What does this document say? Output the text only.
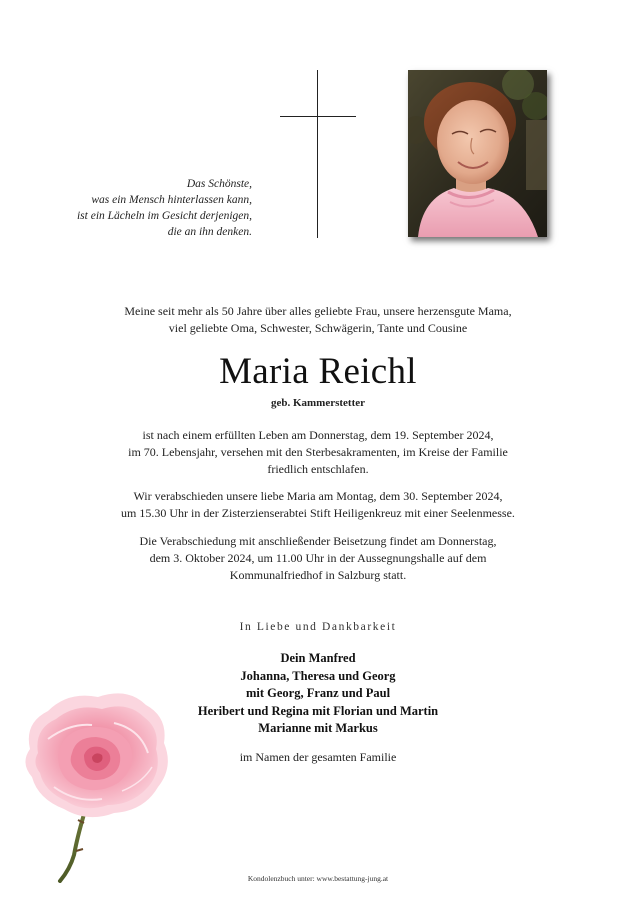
Das Schönste,
was ein Mensch hinterlassen kann,
ist ein Lächeln im Gesicht derjenigen,
die an ihn denken.
Meine seit mehr als 50 Jahre über alles geliebte Frau, unsere herzensgute Mama,
viel geliebte Oma, Schwester, Schwägerin, Tante und Cousine
Maria Reichl
geb. Kammerstetter
ist nach einem erfüllten Leben am Donnerstag, dem 19. September 2024,
im 70. Lebensjahr, versehen mit den Sterbesakramenten, im Kreise der Familie
friedlich entschlafen.
Wir verabschieden unsere liebe Maria am Montag, dem 30. September 2024,
um 15.30 Uhr in der Zisterzienserabtei Stift Heiligenkreuz mit einer Seelenmesse.
Die Verabschiedung mit anschließender Beisetzung findet am Donnerstag,
dem 3. Oktober 2024, um 11.00 Uhr in der Aussegnungshalle auf dem
Kommunalfriedhof in Salzburg statt.
In Liebe und Dankbarkeit
Dein Manfred
Johanna, Theresa und Georg
mit Georg, Franz und Paul
Heribert und Regina mit Florian und Martin
Marianne mit Markus
im Namen der gesamten Familie
Kondolenzbuch unter: www.bestattung-jung.at
